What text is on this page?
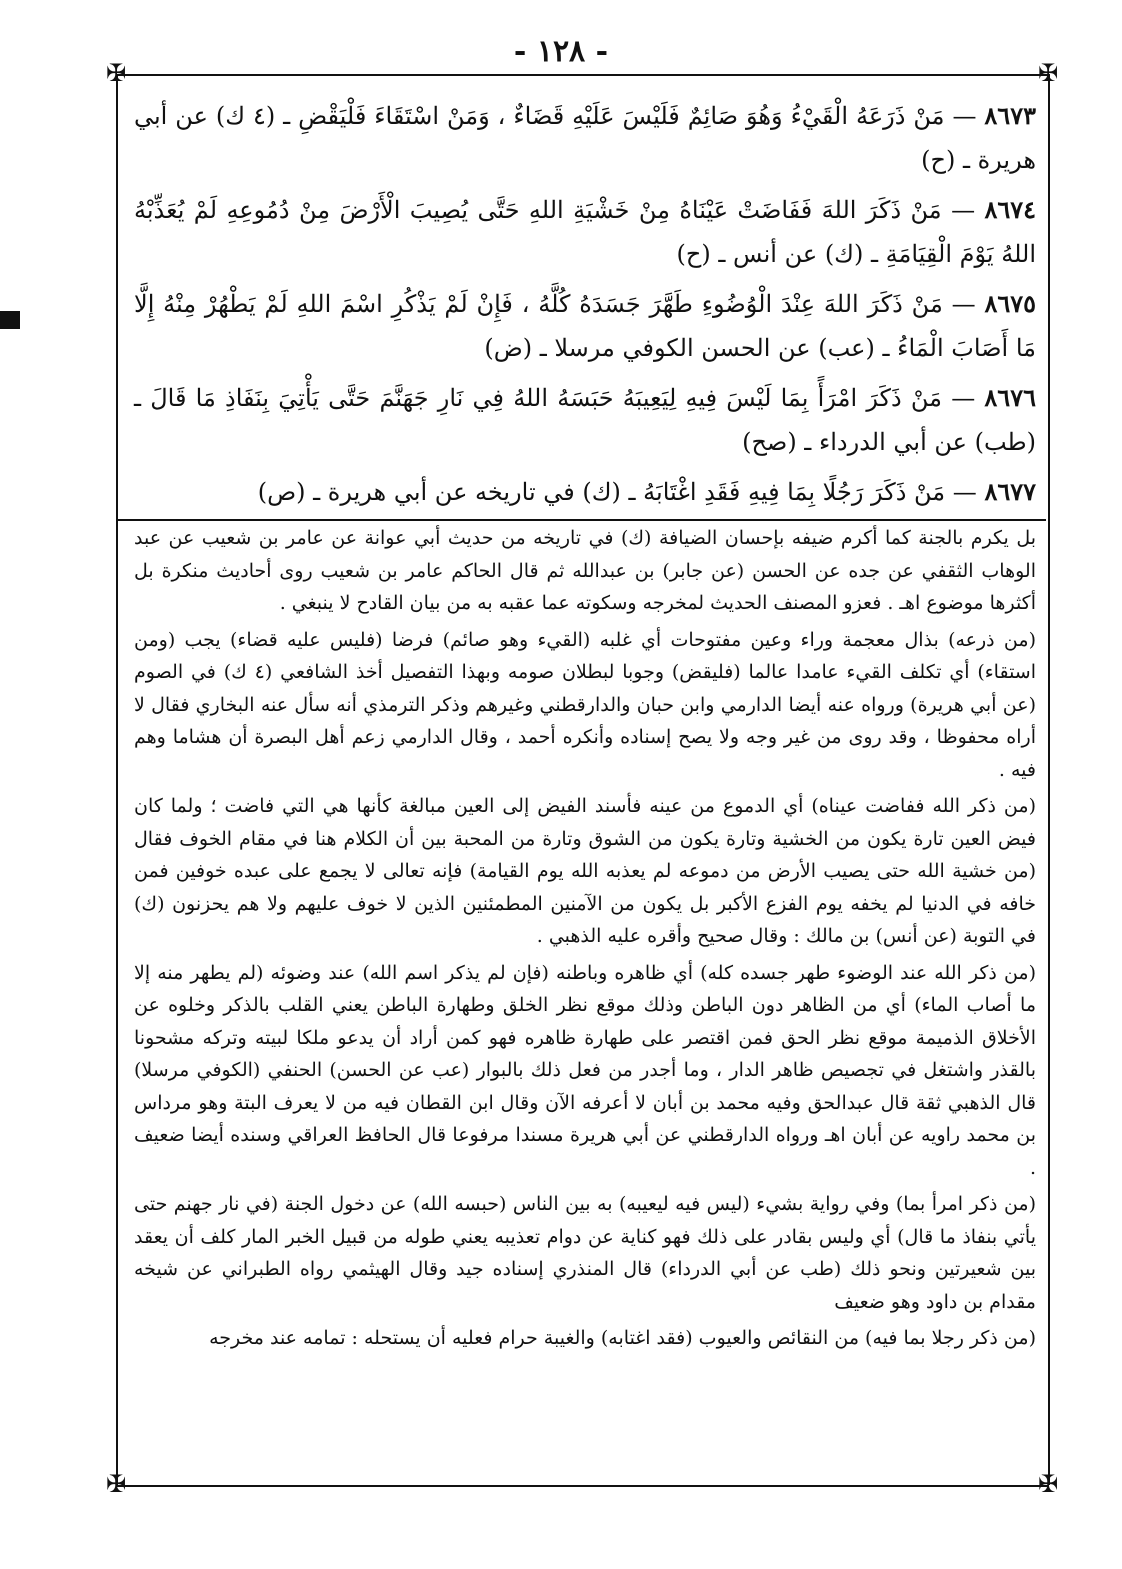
- ١٢٨ -
✠	✠
✠	✠

٨٦٧٣ — مَنْ ذَرَعَهُ الْقَيْءُ وَهُوَ صَائِمٌ فَلَيْسَ عَلَيْهِ قَضَاءٌ ، وَمَنْ اسْتَقَاءَ فَلْيَقْضِ ـ (٤ ك) عن أبي هريرة ـ (ح)

٨٦٧٤ — مَنْ ذَكَرَ اللهَ فَفَاضَتْ عَيْنَاهُ مِنْ خَشْيَةِ اللهِ حَتَّى يُصِيبَ الْأَرْضَ مِنْ دُمُوعِهِ لَمْ يُعَذِّبْهُ اللهُ يَوْمَ الْقِيَامَةِ ـ (ك) عن أنس ـ (ح)

٨٦٧٥ — مَنْ ذَكَرَ اللهَ عِنْدَ الْوُضُوءِ طَهَّرَ جَسَدَهُ كُلَّهُ ، فَإِنْ لَمْ يَذْكُرِ اسْمَ اللهِ لَمْ يَطْهُرْ مِنْهُ إِلَّا مَا أَصَابَ الْمَاءُ ـ (عب) عن الحسن الكوفي مرسلا ـ (ض)

٨٦٧٦ — مَنْ ذَكَرَ امْرَأً بِمَا لَيْسَ فِيهِ لِيَعِيبَهُ حَبَسَهُ اللهُ فِي نَارِ جَهَنَّمَ حَتَّى يَأْتِيَ بِنَفَاذِ مَا قَالَ ـ (طب) عن أبي الدرداء ـ (صح)

٨٦٧٧ — مَنْ ذَكَرَ رَجُلًا بِمَا فِيهِ فَقَدِ اغْتَابَهُ ـ (ك) في تاريخه عن أبي هريرة ـ (ص)

بل يكرم بالجنة كما أكرم ضيفه بإحسان الضيافة (ك) في تاريخه من حديث أبي عوانة عن عامر بن شعيب عن عبد الوهاب الثقفي عن جده عن الحسن (عن جابر) بن عبدالله ثم قال الحاكم عامر بن شعيب روى أحاديث منكرة بل أكثرها موضوع اهـ . فعزو المصنف الحديث لمخرجه وسكوته عما عقبه به من بيان القادح لا ينبغي .

(من ذرعه) بذال معجمة وراء وعين مفتوحات أي غلبه (القيء وهو صائم) فرضا (فليس عليه قضاء) يجب (ومن استقاء) أي تكلف القيء عامدا عالما (فليقض) وجوبا لبطلان صومه وبهذا التفصيل أخذ الشافعي (٤ ك) في الصوم (عن أبي هريرة) ورواه عنه أيضا الدارمي وابن حبان والدارقطني وغيرهم وذكر الترمذي أنه سأل عنه البخاري فقال لا أراه محفوظا ، وقد روى من غير وجه ولا يصح إسناده وأنكره أحمد ، وقال الدارمي زعم أهل البصرة أن هشاما وهم فيه .

(من ذكر الله ففاضت عيناه) أي الدموع من عينه فأسند الفيض إلى العين مبالغة كأنها هي التي فاضت ؛ ولما كان فيض العين تارة يكون من الخشية وتارة يكون من الشوق وتارة من المحبة بين أن الكلام هنا في مقام الخوف فقال (من خشية الله حتى يصيب الأرض من دموعه لم يعذبه الله يوم القيامة) فإنه تعالى لا يجمع على عبده خوفين فمن خافه في الدنيا لم يخفه يوم الفزع الأكبر بل يكون من الآمنين المطمئنين الذين لا خوف عليهم ولا هم يحزنون (ك) في التوبة (عن أنس) بن مالك : وقال صحيح وأقره عليه الذهبي .

(من ذكر الله عند الوضوء طهر جسده كله) أي ظاهره وباطنه (فإن لم يذكر اسم الله) عند وضوئه (لم يطهر منه إلا ما أصاب الماء) أي من الظاهر دون الباطن وذلك موقع نظر الخلق وطهارة الباطن يعني القلب بالذكر وخلوه عن الأخلاق الذميمة موقع نظر الحق فمن اقتصر على طهارة ظاهره فهو كمن أراد أن يدعو ملكا لبيته وتركه مشحونا بالقذر واشتغل في تجصيص ظاهر الدار ، وما أجدر من فعل ذلك بالبوار (عب عن الحسن) الحنفي (الكوفي مرسلا) قال الذهبي ثقة قال عبدالحق وفيه محمد بن أبان لا أعرفه الآن وقال ابن القطان فيه من لا يعرف البتة وهو مرداس بن محمد راويه عن أبان اهـ ورواه الدارقطني عن أبي هريرة مسندا مرفوعا قال الحافظ العراقي وسنده أيضا ضعيف .

(من ذكر امرأ بما) وفي رواية بشيء (ليس فيه ليعيبه) به بين الناس (حبسه الله) عن دخول الجنة (في نار جهنم حتى يأتي بنفاذ ما قال) أي وليس بقادر على ذلك فهو كناية عن دوام تعذيبه يعني طوله من قبيل الخبر المار كلف أن يعقد بين شعيرتين ونحو ذلك (طب عن أبي الدرداء) قال المنذري إسناده جيد وقال الهيثمي رواه الطبراني عن شيخه مقدام بن داود وهو ضعيف

(من ذكر رجلا بما فيه) من النقائص والعيوب (فقد اغتابه) والغيبة حرام فعليه أن يستحله : تمامه عند مخرجه
